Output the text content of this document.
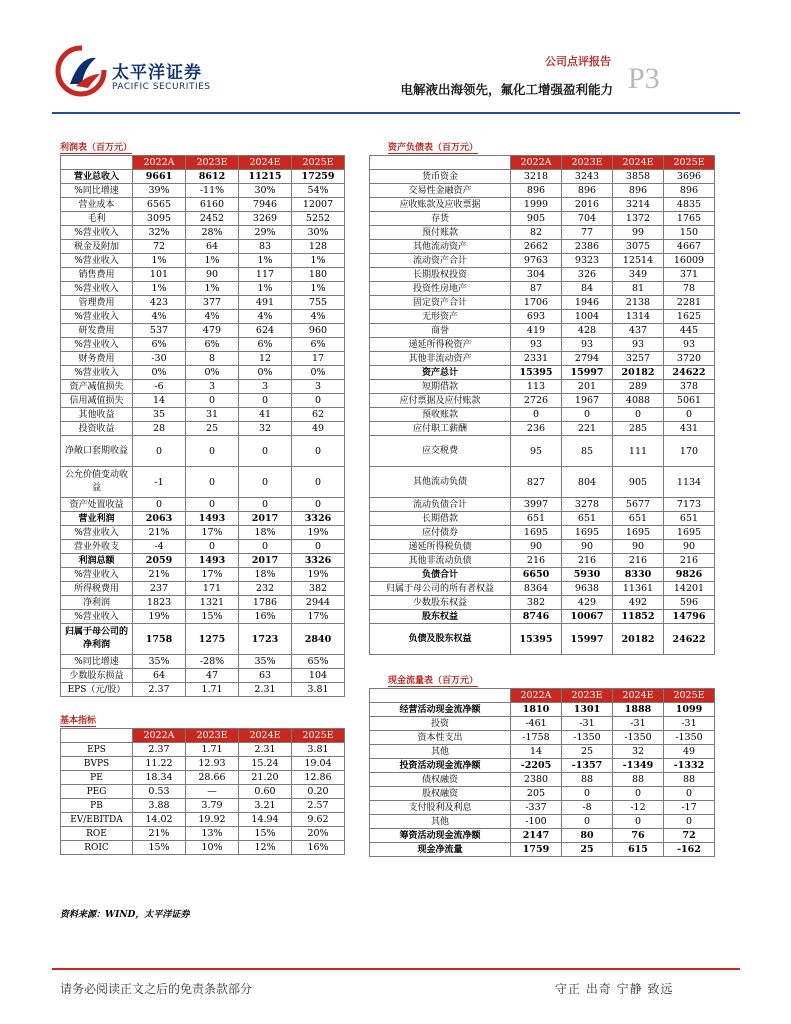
太平洋证券
PACIFIC SECURITIES
公司点评报告
电解液出海领先，氟化工增强盈利能力 P3
利润表（百万元）
	2022A	2023E	2024E	2025E
营业总收入	9661	8612	11215	17259
%同比增速	39%	-11%	30%	54%
营业成本	6565	6160	7946	12007
毛利	3095	2452	3269	5252
%营业收入	32%	28%	29%	30%
税金及附加	72	64	83	128
%营业收入	1%	1%	1%	1%
销售费用	101	90	117	180
%营业收入	1%	1%	1%	1%
管理费用	423	377	491	755
%营业收入	4%	4%	4%	4%
研发费用	537	479	624	960
%营业收入	6%	6%	6%	6%
财务费用	-30	8	12	17
%营业收入	0%	0%	0%	0%
资产减值损失	-6	3	3	3
信用减值损失	14	0	0	0
其他收益	35	31	41	62
投资收益	28	25	32	49
净敞口套期收益	0	0	0	0
公允价值变动收益	-1	0	0	0
资产处置收益	0	0	0	0
营业利润	2063	1493	2017	3326
%营业收入	21%	17%	18%	19%
营业外收支	-4	0	0	0
利润总额	2059	1493	2017	3326
%营业收入	21%	17%	18%	19%
所得税费用	237	171	232	382
净利润	1823	1321	1786	2944
%营业收入	19%	15%	16%	17%
归属于母公司的净利润	1758	1275	1723	2840
%同比增速	35%	-28%	35%	65%
少数股东损益	64	47	63	104
EPS（元/股）	2.37	1.71	2.31	3.81
基本指标
	2022A	2023E	2024E	2025E
EPS	2.37	1.71	2.31	3.81
BVPS	11.22	12.93	15.24	19.04
PE	18.34	28.66	21.20	12.86
PEG	0.53	—	0.60	0.20
PB	3.88	3.79	3.21	2.57
EV/EBITDA	14.02	19.92	14.94	9.62
ROE	21%	13%	15%	20%
ROIC	15%	10%	12%	16%
资产负债表（百万元）
	2022A	2023E	2024E	2025E
货币资金	3218	3243	3858	3696
交易性金融资产	896	896	896	896
应收账款及应收票据	1999	2016	3214	4835
存货	905	704	1372	1765
预付账款	82	77	99	150
其他流动资产	2662	2386	3075	4667
流动资产合计	9763	9323	12514	16009
长期股权投资	304	326	349	371
投资性房地产	87	84	81	78
固定资产合计	1706	1946	2138	2281
无形资产	693	1004	1314	1625
商誉	419	428	437	445
递延所得税资产	93	93	93	93
其他非流动资产	2331	2794	3257	3720
资产总计	15395	15997	20182	24622
短期借款	113	201	289	378
应付票据及应付账款	2726	1967	4088	5061
预收账款	0	0	0	0
应付职工薪酬	236	221	285	431
应交税费	95	85	111	170
其他流动负债	827	804	905	1134
流动负债合计	3997	3278	5677	7173
长期借款	651	651	651	651
应付债券	1695	1695	1695	1695
递延所得税负债	90	90	90	90
其他非流动负债	216	216	216	216
负债合计	6650	5930	8330	9826
归属于母公司的所有者权益	8364	9638	11361	14201
少数股东权益	382	429	492	596
股东权益	8746	10067	11852	14796
负债及股东权益	15395	15997	20182	24622
现金流量表（百万元）
	2022A	2023E	2024E	2025E
经营活动现金流净额	1810	1301	1888	1099
投资	-461	-31	-31	-31
资本性支出	-1758	-1350	-1350	-1350
其他	14	25	32	49
投资活动现金流净额	-2205	-1357	-1349	-1332
债权融资	2380	88	88	88
股权融资	205	0	0	0
支付股利及利息	-337	-8	-12	-17
其他	-100	0	0	0
筹资活动现金流净额	2147	80	76	72
现金净流量	1759	25	615	-162
资料来源：WIND，太平洋证券
请务必阅读正文之后的免责条款部分	守正 出奇 宁静 致远
